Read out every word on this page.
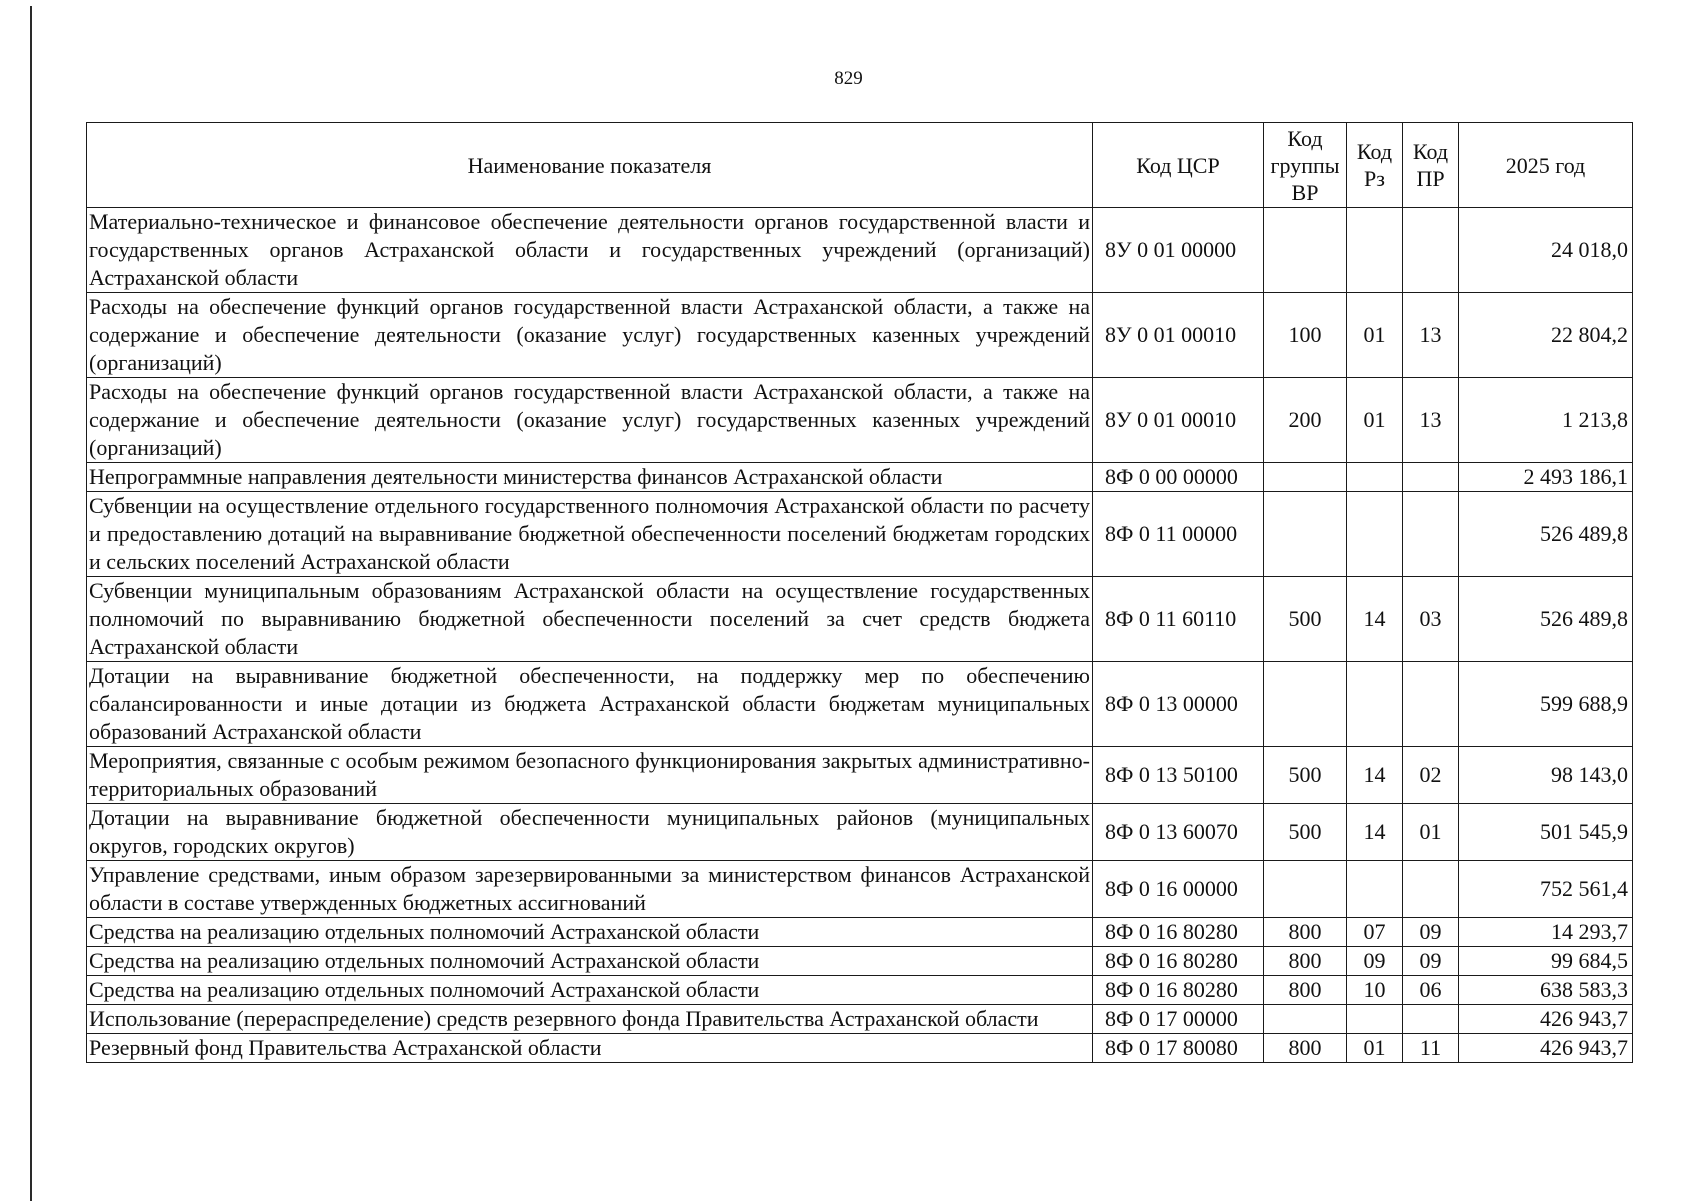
829
Наименование показателя	Код ЦСР	Код группы ВР	Код Рз	Код ПР	2025 год
Материально-техническое и финансовое обеспечение деятельности органов государственной власти и государственных органов Астраханской области и государственных учреждений (организаций) Астраханской области	8У 0 01 00000				24 018,0
Расходы на обеспечение функций органов государственной власти Астраханской области, а также на содержание и обеспечение деятельности (оказание услуг) государственных казенных учреждений (организаций)	8У 0 01 00010	100	01	13	22 804,2
Расходы на обеспечение функций органов государственной власти Астраханской области, а также на содержание и обеспечение деятельности (оказание услуг) государственных казенных учреждений (организаций)	8У 0 01 00010	200	01	13	1 213,8
Непрограммные направления деятельности министерства финансов Астраханской области	8Ф 0 00 00000				2 493 186,1
Субвенции на осуществление отдельного государственного полномочия Астраханской области по расчету и предоставлению дотаций на выравнивание бюджетной обеспеченности поселений бюджетам городских и сельских поселений Астраханской области	8Ф 0 11 00000				526 489,8
Субвенции муниципальным образованиям Астраханской области на осуществление государственных полномочий по выравниванию бюджетной обеспеченности поселений за счет средств бюджета Астраханской области	8Ф 0 11 60110	500	14	03	526 489,8
Дотации на выравнивание бюджетной обеспеченности, на поддержку мер по обеспечению сбалансированности и иные дотации из бюджета Астраханской области бюджетам муниципальных образований Астраханской области	8Ф 0 13 00000				599 688,9
Мероприятия, связанные с особым режимом безопасного функционирования закрытых административно-территориальных образований	8Ф 0 13 50100	500	14	02	98 143,0
Дотации на выравнивание бюджетной обеспеченности муниципальных районов (муниципальных округов, городских округов)	8Ф 0 13 60070	500	14	01	501 545,9
Управление средствами, иным образом зарезервированными за министерством финансов Астраханской области в составе утвержденных бюджетных ассигнований	8Ф 0 16 00000				752 561,4
Средства на реализацию отдельных полномочий Астраханской области	8Ф 0 16 80280	800	07	09	14 293,7
Средства на реализацию отдельных полномочий Астраханской области	8Ф 0 16 80280	800	09	09	99 684,5
Средства на реализацию отдельных полномочий Астраханской области	8Ф 0 16 80280	800	10	06	638 583,3
Использование (перераспределение) средств резервного фонда Правительства Астраханской области	8Ф 0 17 00000				426 943,7
Резервный фонд Правительства Астраханской области	8Ф 0 17 80080	800	01	11	426 943,7
